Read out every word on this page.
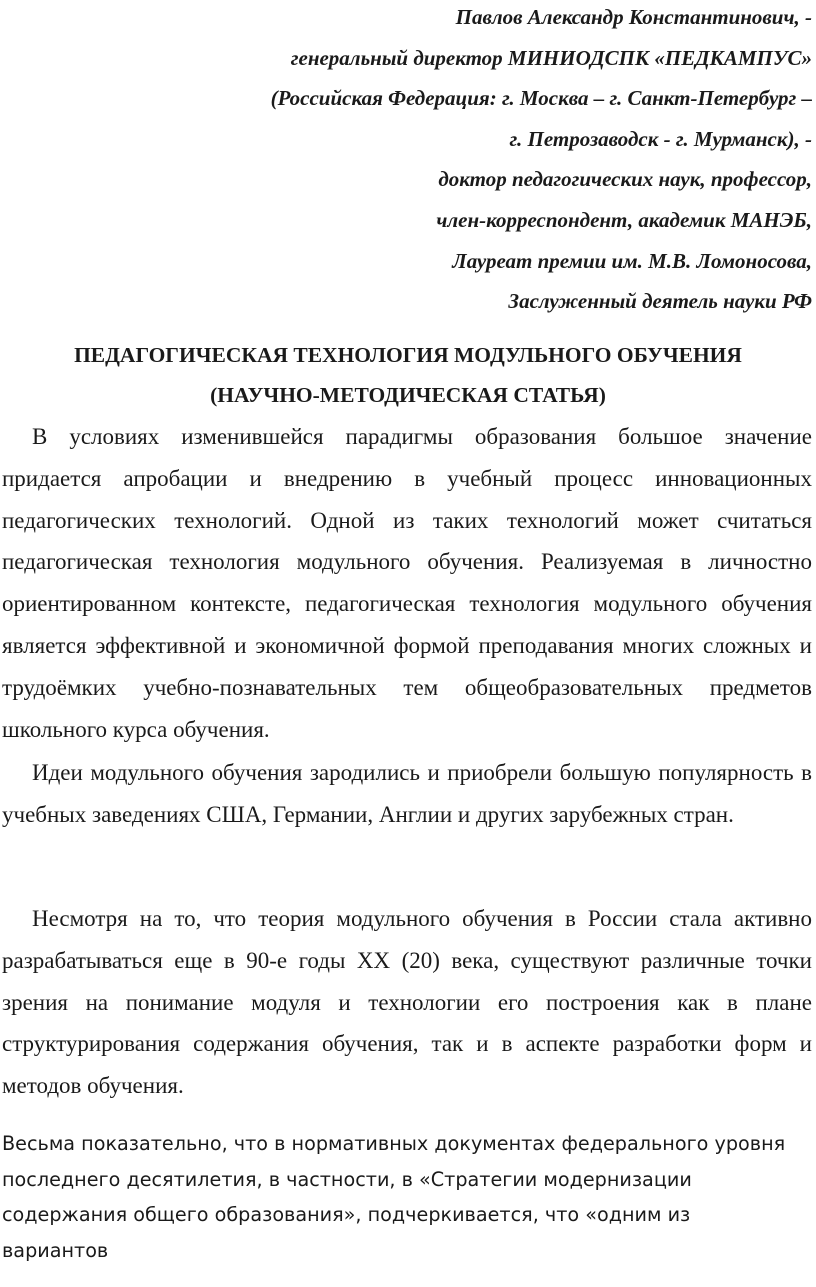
Павлов Александр Константинович, -
генеральный директор МИНИОДСПК «ПЕДКАМПУС»
(Российская Федерация: г. Москва – г. Санкт-Петербург –
г. Петрозаводск - г. Мурманск), -
доктор педагогических наук, профессор,
член-корреспондент, академик МАНЭБ,
Лауреат премии им. М.В. Ломоносова,
Заслуженный деятель науки РФ
ПЕДАГОГИЧЕСКАЯ ТЕХНОЛОГИЯ МОДУЛЬНОГО ОБУЧЕНИЯ
(НАУЧНО-МЕТОДИЧЕСКАЯ СТАТЬЯ)

В условиях изменившейся парадигмы образования большое значение придается апробации и внедрению в учебный процесс инновационных педагогических технологий. Одной из таких технологий может считаться педагогическая технология модульного обучения. Реализуемая в личностно ориентированном контексте, педагогическая технология модульного обучения является эффективной и экономичной формой преподавания многих сложных и трудоёмких учебно-познавательных тем общеобразовательных предметов школьного курса обучения.

Идеи модульного обучения зародились и приобрели большую популярность в учебных заведениях США, Германии, Англии и других зарубежных стран.

Несмотря на то, что теория модульного обучения в России стала активно разрабатываться еще в 90-е годы ХХ (20) века, существуют различные точки зрения на понимание модуля и технологии его построения как в плане структурирования содержания обучения, так и в аспекте разработки форм и методов обучения.

Весьма показательно, что в нормативных документах федерального уровня последнего десятилетия, в частности, в «Стратегии модернизации содержания общего образования», подчеркивается, что «одним из вариантов
